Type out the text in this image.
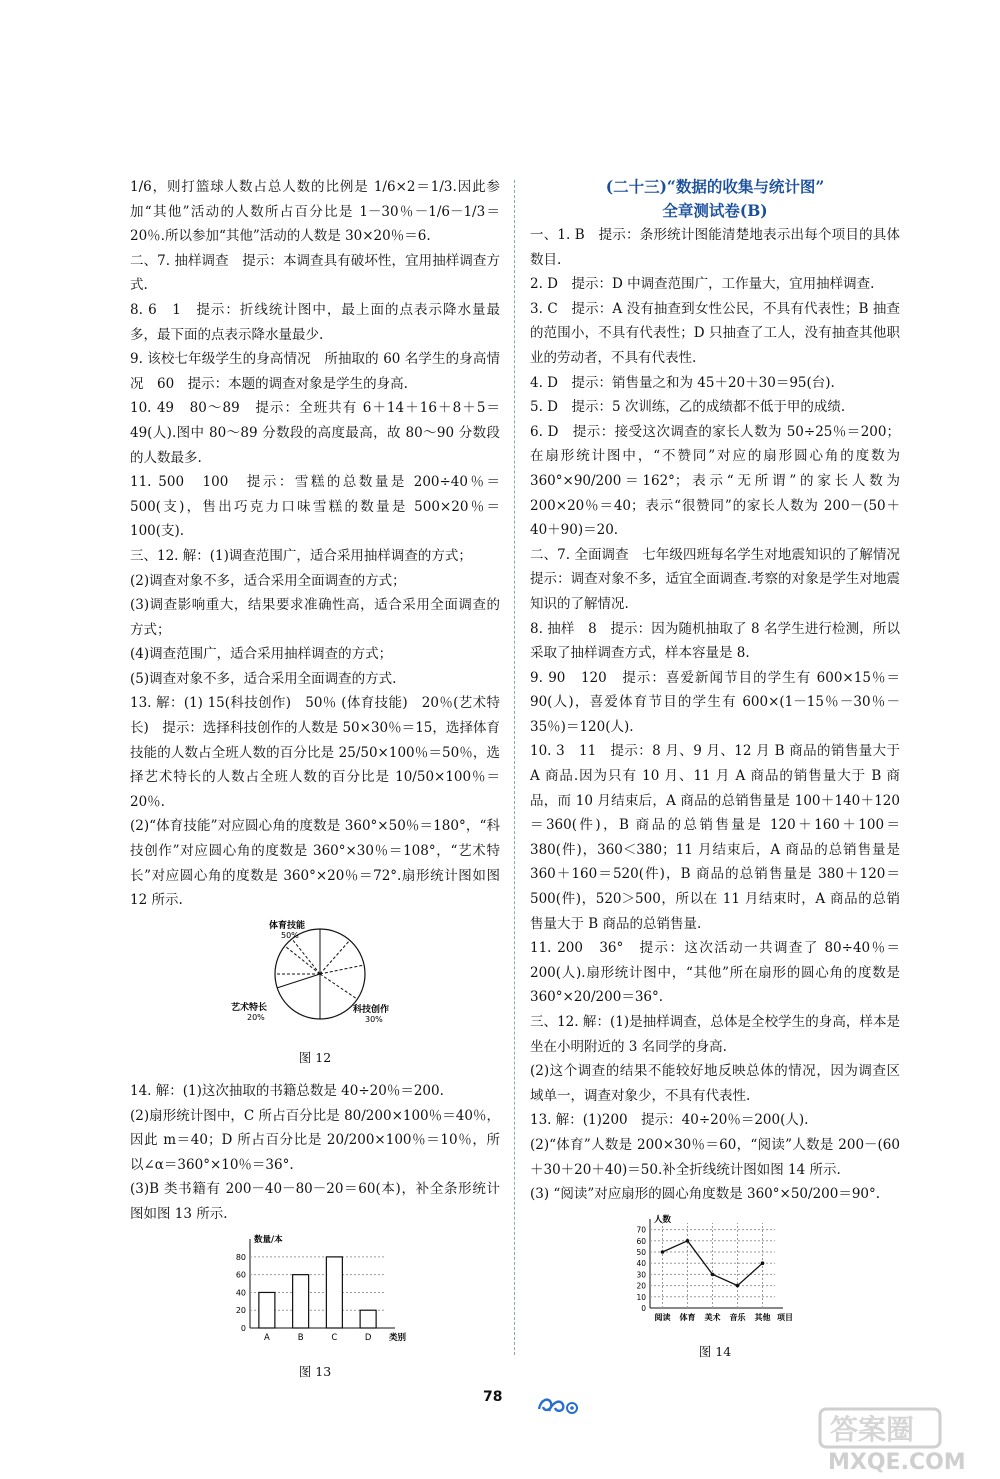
1/6，则打篮球人数占总人数的比例是 1/6×2＝1/3.因此参加“其他”活动的人数所占百分比是 1－30％－1/6－1/3＝20％.所以参加“其他”活动的人数是 30×20％＝6.

二、7. 抽样调查　提示：本调查具有破坏性，宜用抽样调查方式.

8. 6　1　提示：折线统计图中，最上面的点表示降水量最多，最下面的点表示降水量最少.

9. 该校七年级学生的身高情况　所抽取的 60 名学生的身高情况　60　提示：本题的调查对象是学生的身高.

10. 49　80～89　提示：全班共有 6＋14＋16＋8＋5＝49(人).图中 80～89 分数段的高度最高，故 80～90 分数段的人数最多.

11. 500　100　提示：雪糕的总数量是 200÷40％＝500(支)，售出巧克力口味雪糕的数量是 500×20％＝100(支).

三、12. 解：(1)调查范围广，适合采用抽样调查的方式；

(2)调查对象不多，适合采用全面调查的方式；

(3)调查影响重大，结果要求准确性高，适合采用全面调查的方式；

(4)调查范围广，适合采用抽样调查的方式；

(5)调查对象不多，适合采用全面调查的方式.

13. 解：(1) 15(科技创作)　50％ (体育技能)　20％(艺术特长)　提示：选择科技创作的人数是 50×30％＝15，选择体育技能的人数占全班人数的百分比是 25/50×100％＝50％，选择艺术特长的人数占全班人数的百分比是 10/50×100％＝20％.

(2)“体育技能”对应圆心角的度数是 360°×50％＝180°，“科技创作”对应圆心角的度数是 360°×30％＝108°，“艺术特长”对应圆心角的度数是 360°×20％＝72°.扇形统计图如图 12 所示.

体育技能
50%
艺术特长
20%
科技创作
30%
图 12

14. 解：(1)这次抽取的书籍总数是 40÷20％＝200.

(2)扇形统计图中，C 所占百分比是 80/200×100％＝40％，因此 m＝40；D 所占百分比是 20/200×100％＝10％，所以∠α＝360°×10％＝36°.

(3)B 类书籍有 200－40－80－20＝60(本)，补全条形统计图如图 13 所示.

0
20
40
60
80
数量/本
类别
A	B	C	D
图 13

(二十三)“数据的收集与统计图”

全章测试卷(B)

一、1. B　提示：条形统计图能清楚地表示出每个项目的具体数目.

2. D　提示：D 中调查范围广，工作量大，宜用抽样调查.

3. C　提示：A 没有抽查到女性公民，不具有代表性；B 抽查的范围小，不具有代表性；D 只抽查了工人，没有抽查其他职业的劳动者，不具有代表性.

4. D　提示：销售量之和为 45＋20＋30＝95(台).

5. D　提示：5 次训练，乙的成绩都不低于甲的成绩.

6. D　提示：接受这次调查的家长人数为 50÷25％＝200；在扇形统计图中，“不赞同”对应的扇形圆心角的度数为 360°×90/200＝162°；表示“无所谓”的家长人数为 200×20％＝40；表示“很赞同”的家长人数为 200－(50＋40＋90)＝20.

二、7. 全面调查　七年级四班每名学生对地震知识的了解情况　提示：调查对象不多，适宜全面调查.考察的对象是学生对地震知识的了解情况.

8. 抽样　8　提示：因为随机抽取了 8 名学生进行检测，所以采取了抽样调查方式，样本容量是 8.

9. 90　120　提示：喜爱新闻节目的学生有 600×15％＝90(人)，喜爱体育节目的学生有 600×(1－15％－30％－35％)＝120(人).

10. 3　11　提示：8 月、9 月、12 月 B 商品的销售量大于 A 商品.因为只有 10 月、11 月 A 商品的销售量大于 B 商品，而 10 月结束后，A 商品的总销售量是 100＋140＋120＝360(件)，B 商品的总销售量是 120＋160＋100＝380(件)，360＜380；11 月结束后，A 商品的总销售量是 360＋160＝520(件)，B 商品的总销售量是 380＋120＝500(件)，520＞500，所以在 11 月结束时，A 商品的总销售量大于 B 商品的总销售量.

11. 200　36°　提示：这次活动一共调查了 80÷40％＝200(人).扇形统计图中，“其他”所在扇形的圆心角的度数是 360°×20/200＝36°.

三、12. 解：(1)是抽样调查，总体是全校学生的身高，样本是坐在小明附近的 3 名同学的身高.

(2)这个调查的结果不能较好地反映总体的情况，因为调查区域单一，调查对象少，不具有代表性.

13. 解：(1)200　提示：40÷20％＝200(人).

(2)“体育”人数是 200×30％＝60，“阅读”人数是 200－(60＋30＋20＋40)＝50.补全折线统计图如图 14 所示.

(3) “阅读”对应扇形的圆心角度数是 360°×50/200＝90°.

0
10
20
30
40
50
60
70
人数
阅读 体育 美术 音乐 其他 项目
图 14
78
答案圈
MXQE.COM
